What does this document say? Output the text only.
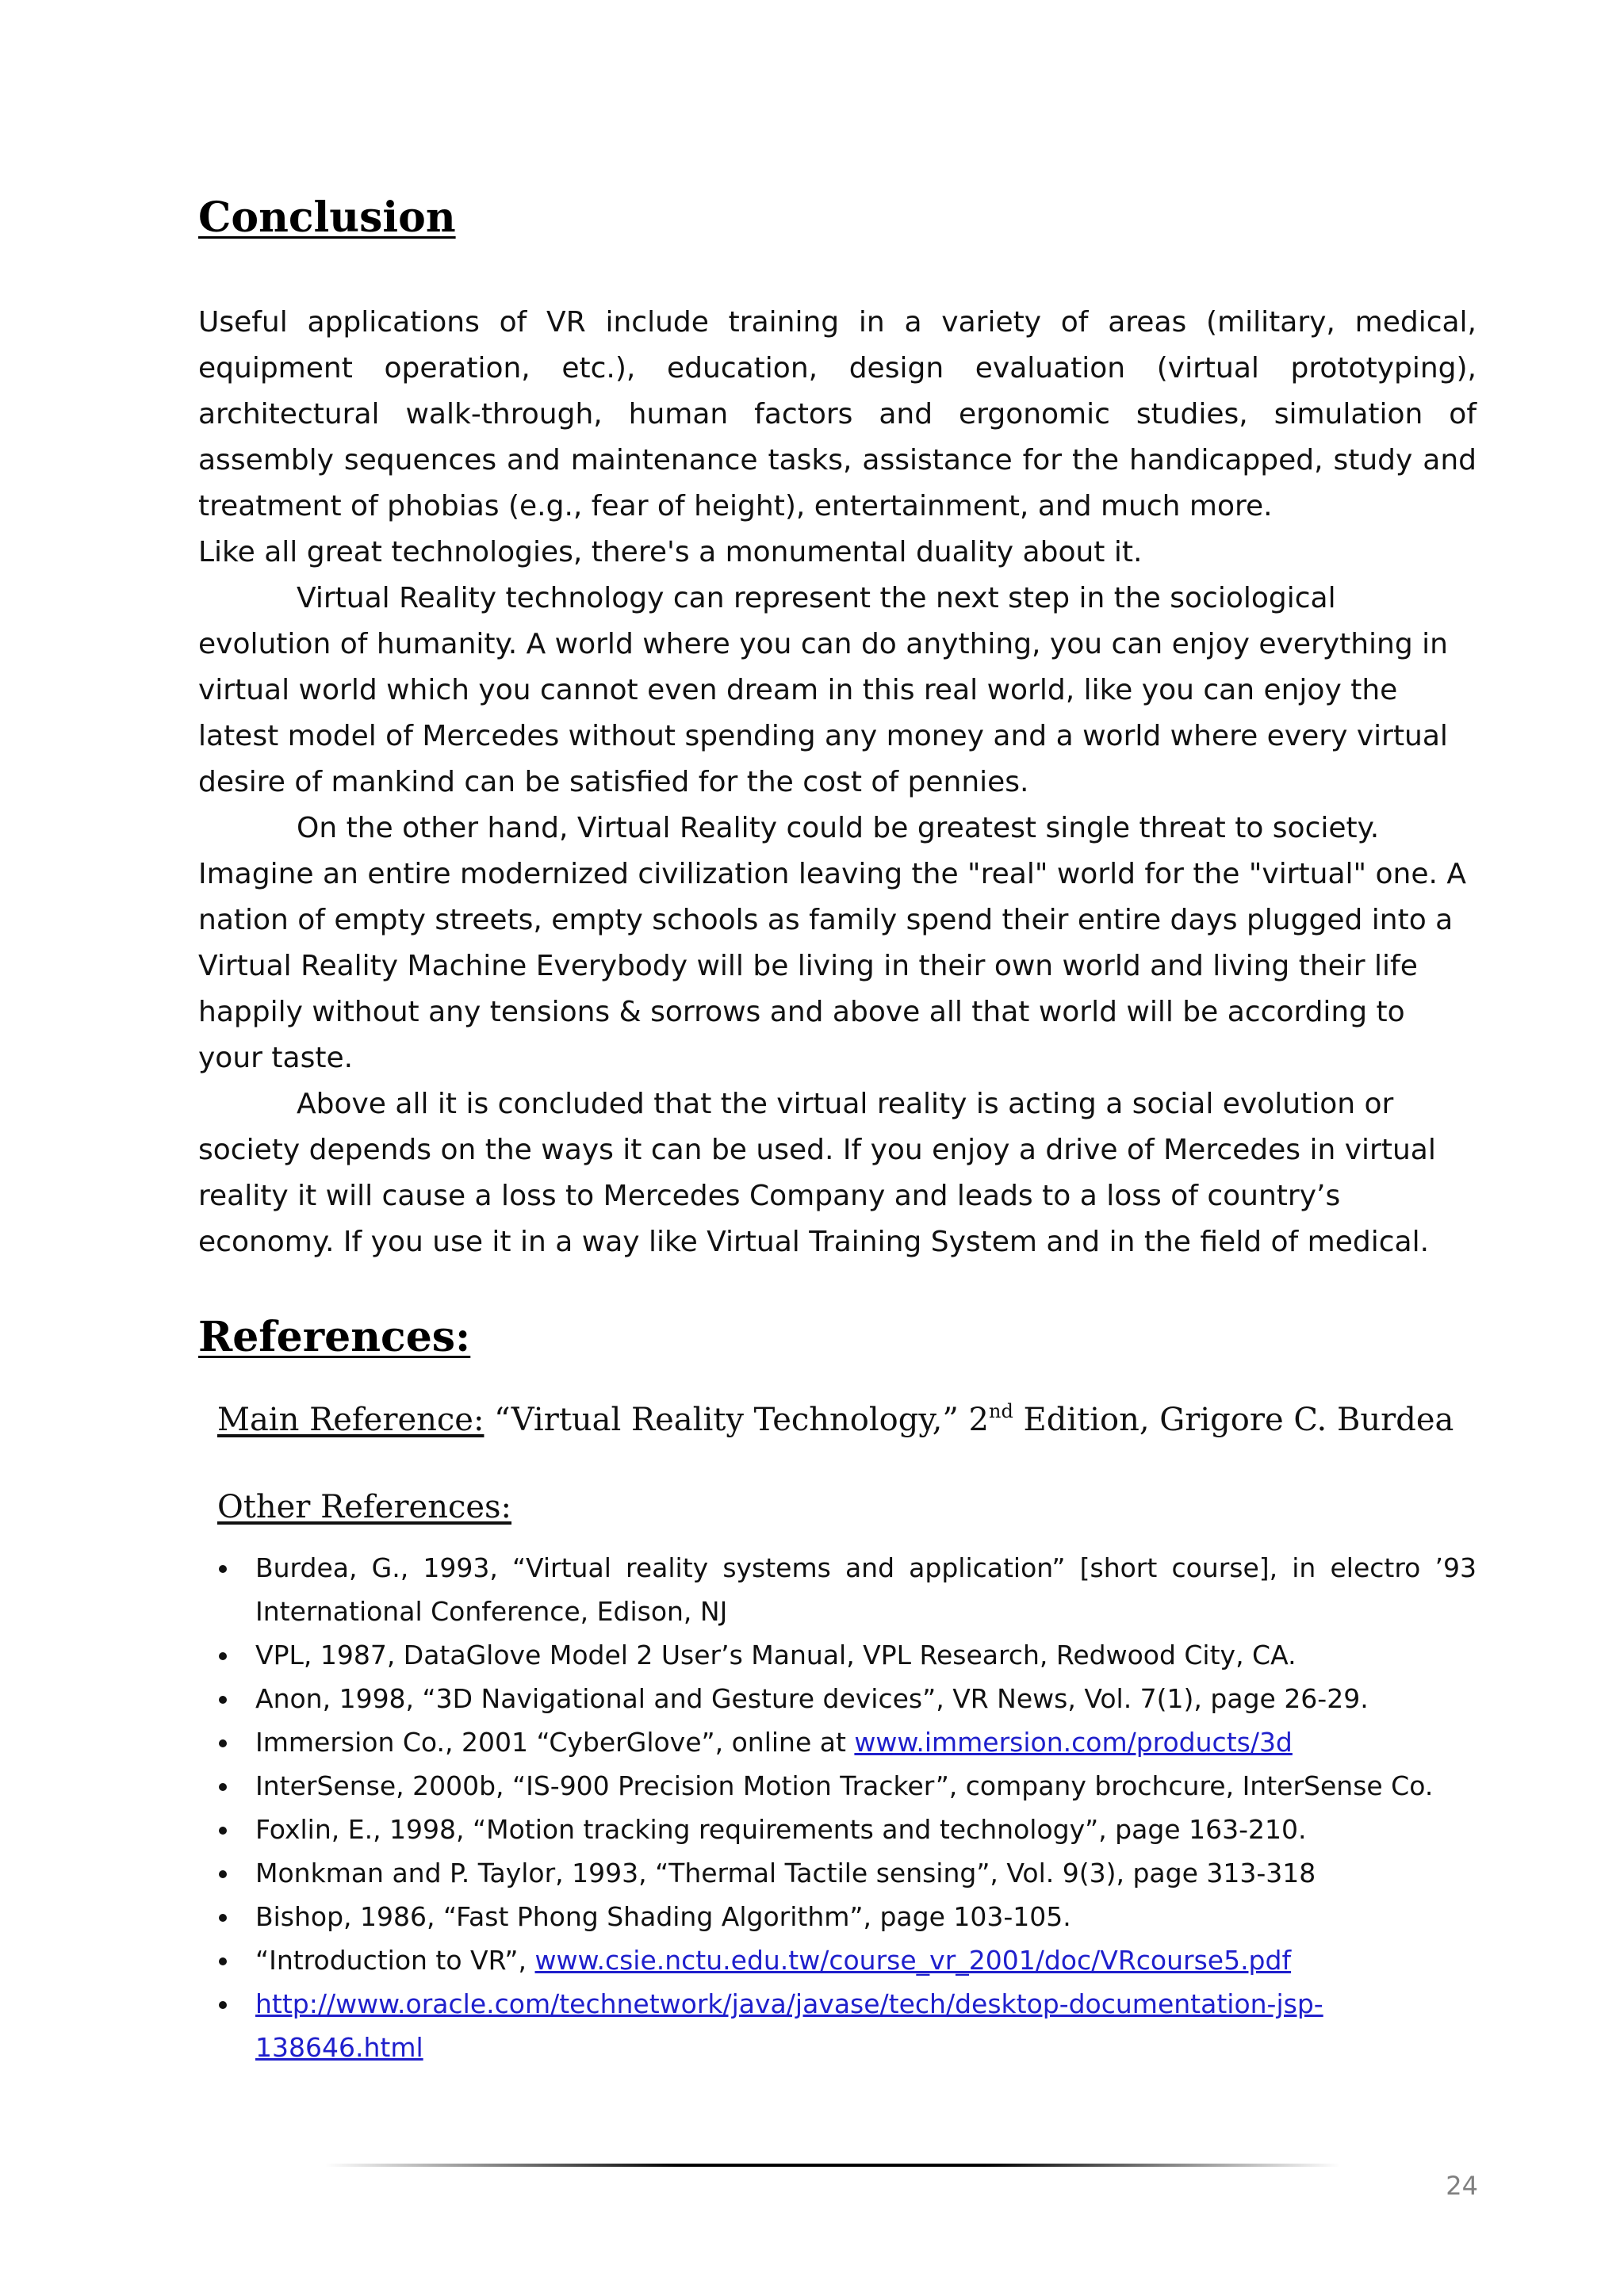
Conclusion

Useful applications of VR include training in a variety of areas (military, medical, equipment operation, etc.), education, design evaluation (virtual prototyping), architectural walk-through, human factors and ergonomic studies, simulation of assembly sequences and maintenance tasks, assistance for the handicapped, study and treatment of phobias (e.g., fear of height), entertainment, and much more.

Like all great technologies, there's a monumental duality about it.

Virtual Reality technology can represent the next step in the sociological evolution of humanity. A world where you can do anything, you can enjoy everything in virtual world which you cannot even dream in this real world, like you can enjoy the latest model of Mercedes without spending any money and a world where every virtual desire of mankind can be satisfied for the cost of pennies.

On the other hand, Virtual Reality could be greatest single threat to society. Imagine an entire modernized civilization leaving the "real" world for the "virtual" one. A nation of empty streets, empty schools as family spend their entire days plugged into a Virtual Reality Machine Everybody will be living in their own world and living their life happily without any tensions & sorrows and above all that world will be according to your taste.

Above all it is concluded that the virtual reality is acting a social evolution or society depends on the ways it can be used. If you enjoy a drive of Mercedes in virtual reality it will cause a loss to Mercedes Company and leads to a loss of country’s economy. If you use it in a way like Virtual Training System and in the field of medical.

References:
Main Reference: “Virtual Reality Technology,” 2nd Edition, Grigore C. Burdea
Other References:
Burdea, G., 1993, “Virtual reality systems and application” [short course], in electro ’93 International Conference, Edison, NJ
VPL, 1987, DataGlove Model 2 User’s Manual, VPL Research, Redwood City, CA.
Anon, 1998, “3D Navigational and Gesture devices”, VR News, Vol. 7(1), page 26-29.
Immersion Co., 2001 “CyberGlove”, online at www.immersion.com/products/3d
InterSense, 2000b, “IS-900 Precision Motion Tracker”, company brochcure, InterSense Co.
Foxlin, E., 1998, “Motion tracking requirements and technology”, page 163-210.
Monkman and P. Taylor, 1993, “Thermal Tactile sensing”, Vol. 9(3), page 313-318
Bishop, 1986, “Fast Phong Shading Algorithm”, page 103-105.
“Introduction to VR”, www.csie.nctu.edu.tw/course_vr_2001/doc/VRcourse5.pdf
http://www.oracle.com/technetwork/java/javase/tech/desktop-documentation-jsp-138646.html
24
